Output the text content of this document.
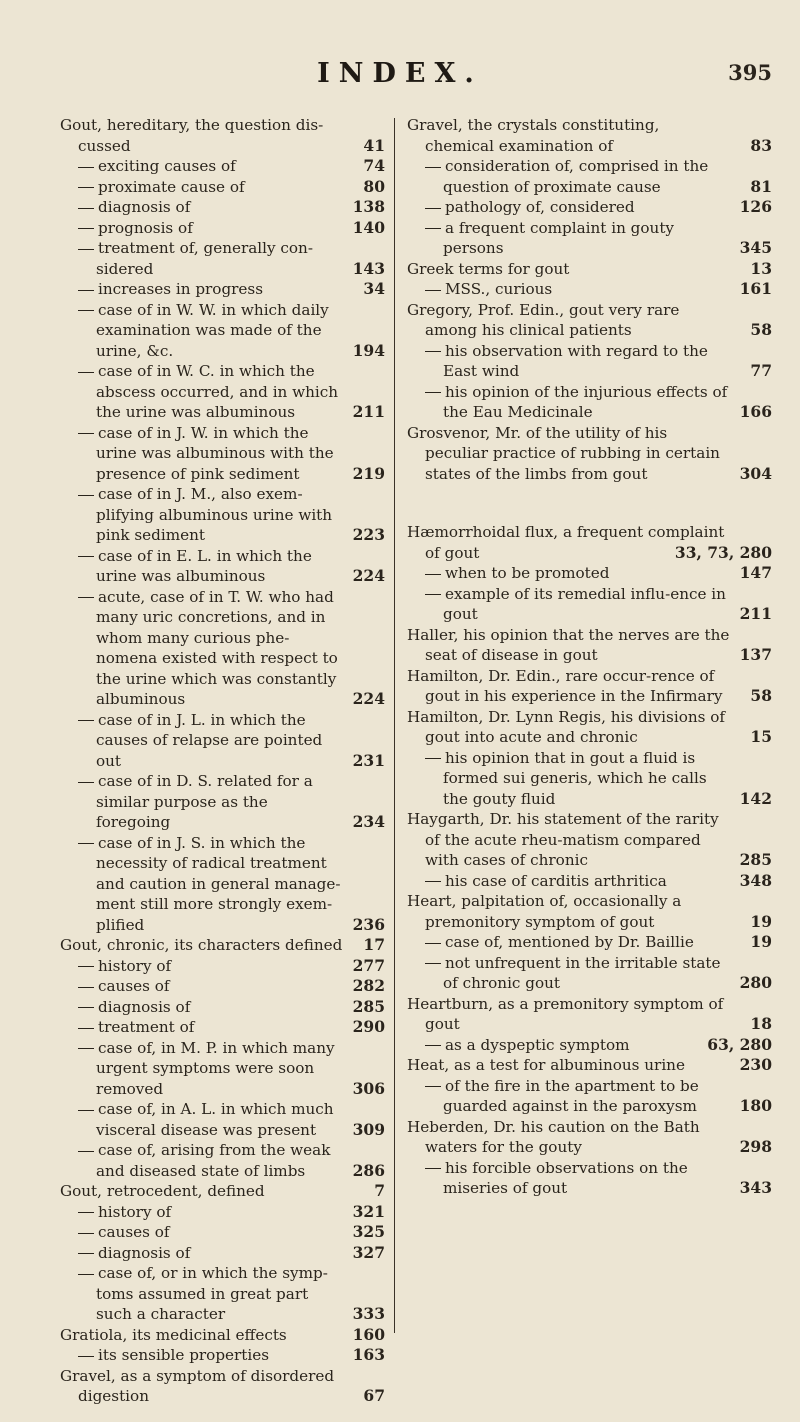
INDEX.	395
Gout, hereditary, the question dis-cussed	41
exciting causes of	74
proximate cause of	80
diagnosis of	138
prognosis of	140
treatment of, generally con-sidered	143
increases in progress	34
case of in W. W. in which daily examination was made of the urine, &c.	194
case of in W. C. in which the abscess occurred, and in which the urine was albuminous	211
case of in J. W. in which the urine was albuminous with the presence of pink sediment	219
case of in J. M., also exem-plifying albuminous urine with pink sediment	223
case of in E. L. in which the urine was albuminous	224
acute, case of in T. W. who had many uric concretions, and in whom many curious phe-nomena existed with respect to the urine which was constantly albuminous	224
case of in J. L. in which the causes of relapse are pointed out	231
case of in D. S. related for a similar purpose as the foregoing	234
case of in J. S. in which the necessity of radical treatment and caution in general manage-ment still more strongly exem-plified	236
Gout, chronic, its characters defined 17
history of	277
causes of	282
diagnosis of	285
treatment of	290
case of, in M. P. in which many urgent symptoms were soon removed	306
case of, in A. L. in which much visceral disease was present 309
case of, arising from the weak and diseased state of limbs	286
Gout, retrocedent, defined	7
history of	321
causes of	325
diagnosis of	327
case of, or in which the symp-toms assumed in great part such a character	333
Gratiola, its medicinal effects	160
its sensible properties	163
Gravel, as a symptom of disordered digestion	67
Gravel, the crystals constituting, chemical examination of	83
consideration of, comprised in the question of proximate cause	81
pathology of, considered	126
a frequent complaint in gouty persons	345
Greek terms for gout	13
MSS., curious	161
Gregory, Prof. Edin., gout very rare among his clinical patients	58
his observation with regard to the East wind	77
his opinion of the injurious effects of the Eau Medicinale	166
Grosvenor, Mr. of the utility of his peculiar practice of rubbing in certain states of the limbs from gout	304
Hæmorrhoidal flux, a frequent complaint of gout	33, 73, 280
when to be promoted	147
example of its remedial influ-ence in gout	211
Haller, his opinion that the nerves are the seat of disease in gout	137
Hamilton, Dr. Edin., rare occur-rence of gout in his experience in the Infirmary 58
Hamilton, Dr. Lynn Regis, his divisions of gout into acute and chronic	15
his opinion that in gout a fluid is formed sui generis, which he calls the gouty fluid	142
Haygarth, Dr. his statement of the rarity of the acute rheu-matism compared with cases of chronic	285
his case of carditis arthritica	348
Heart, palpitation of, occasionally a premonitory symptom of gout	19
case of, mentioned by Dr. Baillie	19
not unfrequent in the irritable state of chronic gout	280
Heartburn, as a premonitory symptom of gout	18
as a dyspeptic symptom	63, 280
Heat, as a test for albuminous urine	230
of the fire in the apartment to be guarded against in the paroxysm	180
Heberden, Dr. his caution on the Bath waters for the gouty	298
his forcible observations on the miseries of gout	343
